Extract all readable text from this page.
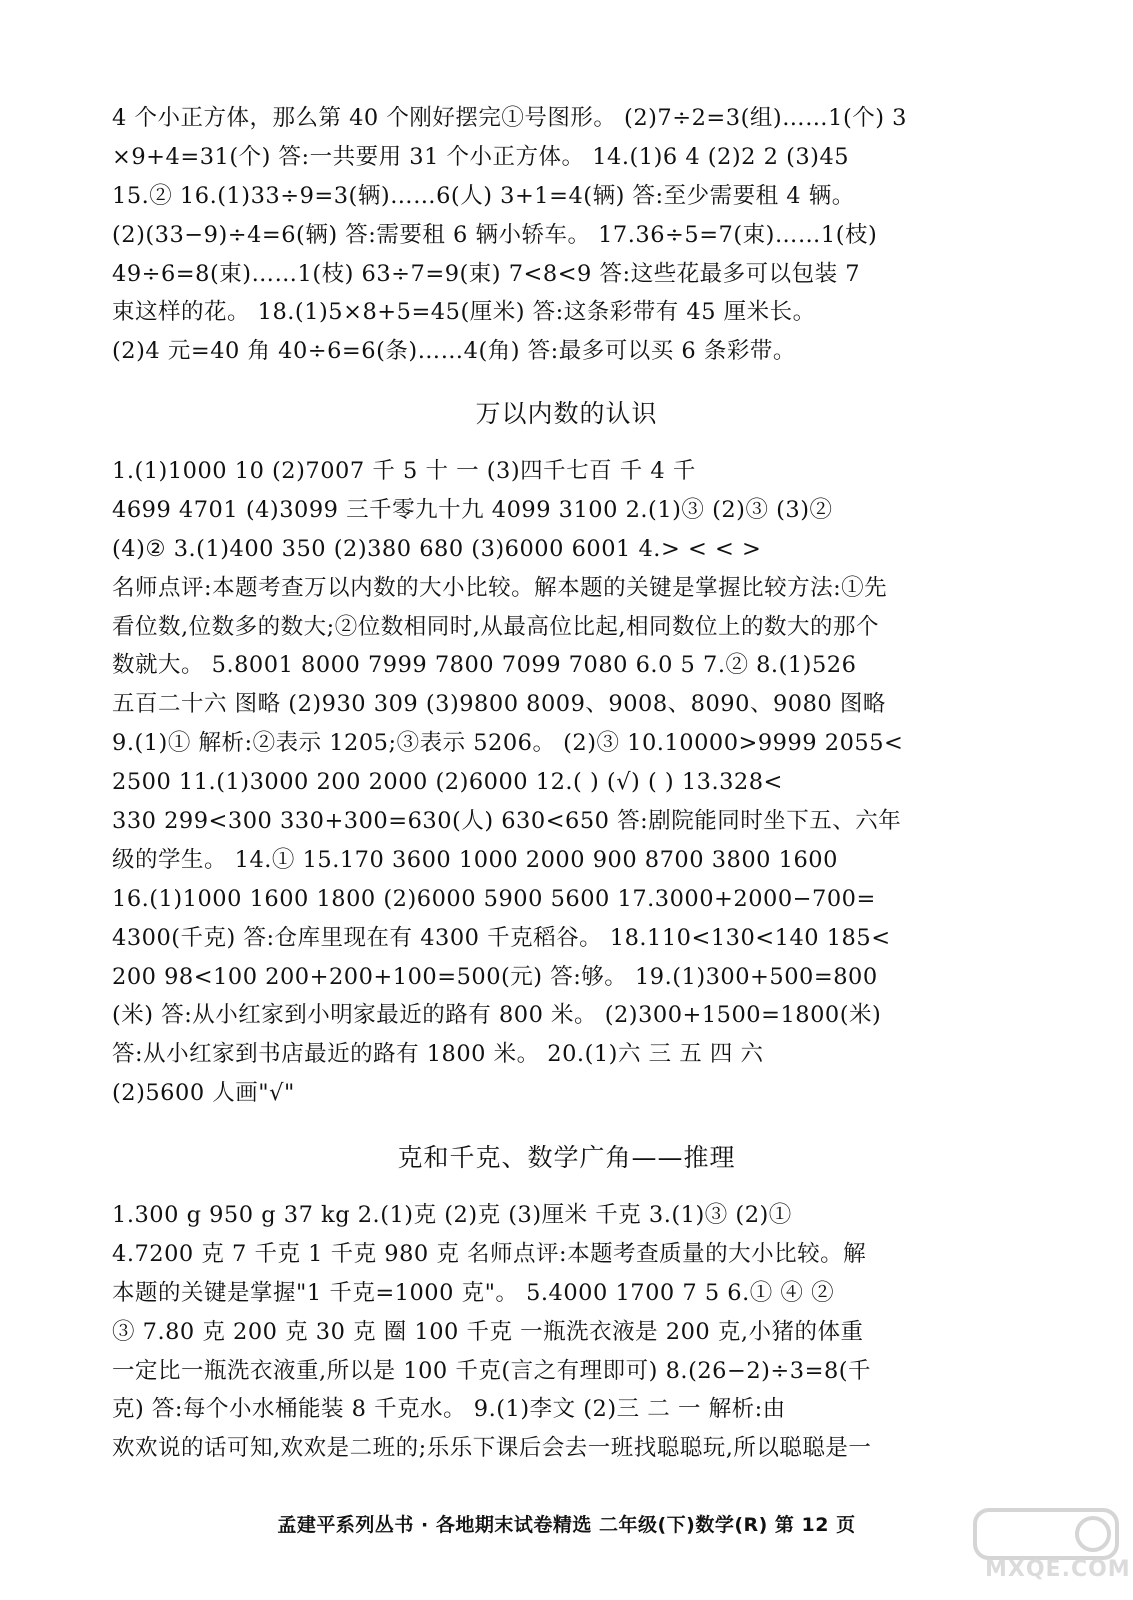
4 个小正方体，那么第 40 个刚好摆完①号图形。 (2)7÷2=3(组)……1(个) 3
×9+4=31(个) 答:一共要用 31 个小正方体。 14.(1)6 4 (2)2 2 (3)45
15.② 16.(1)33÷9=3(辆)……6(人) 3+1=4(辆) 答:至少需要租 4 辆。
(2)(33−9)÷4=6(辆) 答:需要租 6 辆小轿车。 17.36÷5=7(束)……1(枝)
49÷6=8(束)……1(枝) 63÷7=9(束) 7<8<9 答:这些花最多可以包装 7
束这样的花。 18.(1)5×8+5=45(厘米) 答:这条彩带有 45 厘米长。
(2)4 元=40 角 40÷6=6(条)……4(角) 答:最多可以买 6 条彩带。
万以内数的认识
1.(1)1000 10 (2)7007 千 5 十 一 (3)四千七百 千 4 千
4699 4701 (4)3099 三千零九十九 4099 3100 2.(1)③ (2)③ (3)②
(4)② 3.(1)400 350 (2)380 680 (3)6000 6001 4.> < < >
名师点评:本题考查万以内数的大小比较。解本题的关键是掌握比较方法:①先
看位数,位数多的数大;②位数相同时,从最高位比起,相同数位上的数大的那个
数就大。 5.8001 8000 7999 7800 7099 7080 6.0 5 7.② 8.(1)526
五百二十六 图略 (2)930 309 (3)9800 8009、9008、8090、9080 图略
9.(1)① 解析:②表示 1205;③表示 5206。 (2)③ 10.10000>9999 2055<
2500 11.(1)3000 200 2000 (2)6000 12.( ) (√) ( ) 13.328<
330 299<300 330+300=630(人) 630<650 答:剧院能同时坐下五、六年
级的学生。 14.① 15.170 3600 1000 2000 900 8700 3800 1600
16.(1)1000 1600 1800 (2)6000 5900 5600 17.3000+2000−700=
4300(千克) 答:仓库里现在有 4300 千克稻谷。 18.110<130<140 185<
200 98<100 200+200+100=500(元) 答:够。 19.(1)300+500=800
(米) 答:从小红家到小明家最近的路有 800 米。 (2)300+1500=1800(米)
答:从小红家到书店最近的路有 1800 米。 20.(1)六 三 五 四 六
(2)5600 人画"√"
克和千克、数学广角——推理
1.300 g 950 g 37 kg 2.(1)克 (2)克 (3)厘米 千克 3.(1)③ (2)①
4.7200 克 7 千克 1 千克 980 克 名师点评:本题考查质量的大小比较。解
本题的关键是掌握"1 千克=1000 克"。 5.4000 1700 7 5 6.① ④ ②
③ 7.80 克 200 克 30 克 圈 100 千克 一瓶洗衣液是 200 克,小猪的体重
一定比一瓶洗衣液重,所以是 100 千克(言之有理即可) 8.(26−2)÷3=8(千
克) 答:每个小水桶能装 8 千克水。 9.(1)李文 (2)三 二 一 解析:由
欢欢说的话可知,欢欢是二班的;乐乐下课后会去一班找聪聪玩,所以聪聪是一
孟建平系列丛书 · 各地期末试卷精选 二年级(下)数学(R) 第 12 页
MXQE.COM
